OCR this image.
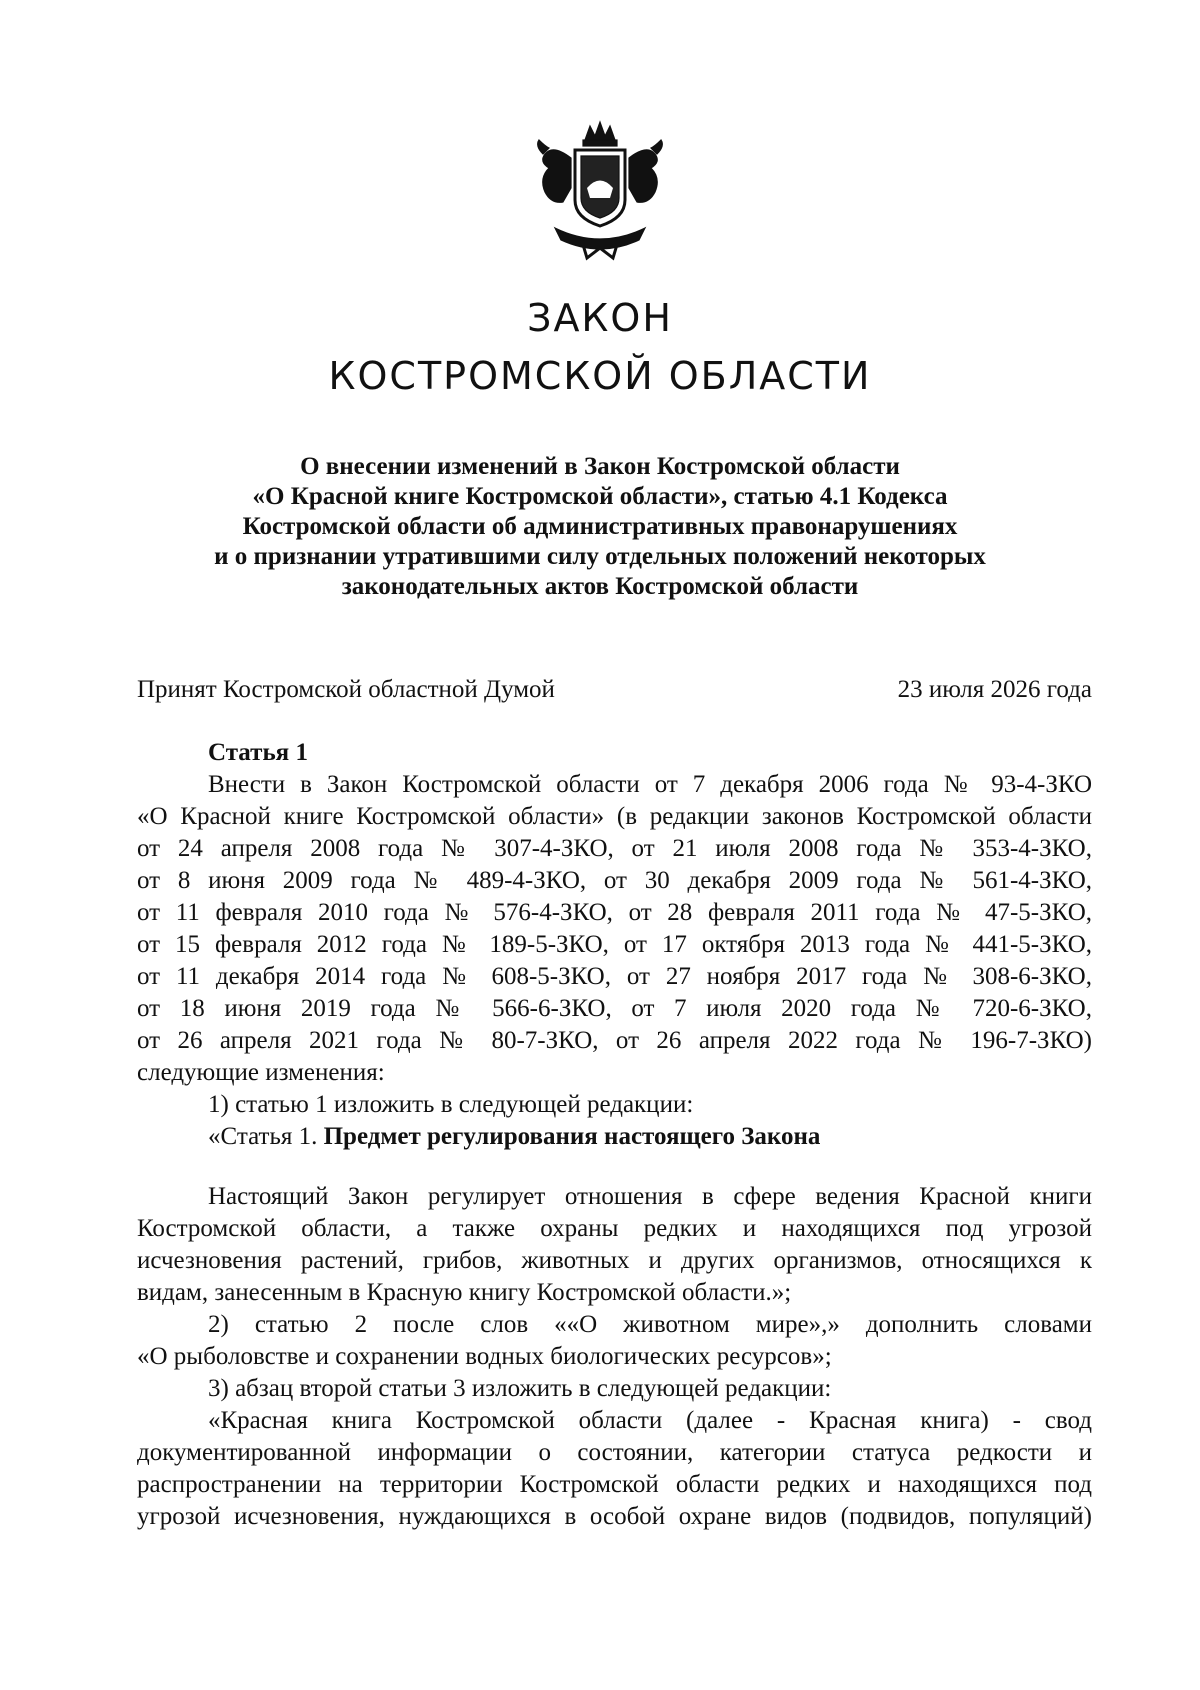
ЗАКОН
КОСТРОМСКОЙ ОБЛАСТИ
О внесении изменений в Закон Костромской области
«О Красной книге Костромской области», статью 4.1 Кодекса
Костромской области об административных правонарушениях
и о признании утратившими силу отдельных положений некоторых
законодательных актов Костромской области
Принят Костромской областной Думой	23 июля 2026 года
Статья 1
Внести в Закон Костромской области от 7 декабря 2006 года № 93-4-ЗКО
«О Красной книге Костромской области» (в редакции законов Костромской области
от 24 апреля 2008 года № 307-4-ЗКО, от 21 июля 2008 года № 353-4-ЗКО,
от 8 июня 2009 года № 489-4-ЗКО, от 30 декабря 2009 года № 561-4-ЗКО,
от 11 февраля 2010 года № 576-4-ЗКО, от 28 февраля 2011 года № 47-5-ЗКО,
от 15 февраля 2012 года № 189-5-ЗКО, от 17 октября 2013 года № 441-5-ЗКО,
от 11 декабря 2014 года № 608-5-ЗКО, от 27 ноября 2017 года № 308-6-ЗКО,
от 18 июня 2019 года № 566-6-ЗКО, от 7 июля 2020 года № 720-6-ЗКО,
от 26 апреля 2021 года № 80-7-ЗКО, от 26 апреля 2022 года № 196-7-ЗКО)
следующие изменения:
1) статью 1 изложить в следующей редакции:
«Статья 1. Предмет регулирования настоящего Закона
Настоящий Закон регулирует отношения в сфере ведения Красной книги
Костромской области, а также охраны редких и находящихся под угрозой
исчезновения растений, грибов, животных и других организмов, относящихся к
видам, занесенным в Красную книгу Костромской области.»;
2) статью 2 после слов ««О животном мире»,» дополнить словами
«О рыболовстве и сохранении водных биологических ресурсов»;
3) абзац второй статьи 3 изложить в следующей редакции:
«Красная книга Костромской области (далее - Красная книга) - свод
документированной информации о состоянии, категории статуса редкости и
распространении на территории Костромской области редких и находящихся под
угрозой исчезновения, нуждающихся в особой охране видов (подвидов, популяций)
